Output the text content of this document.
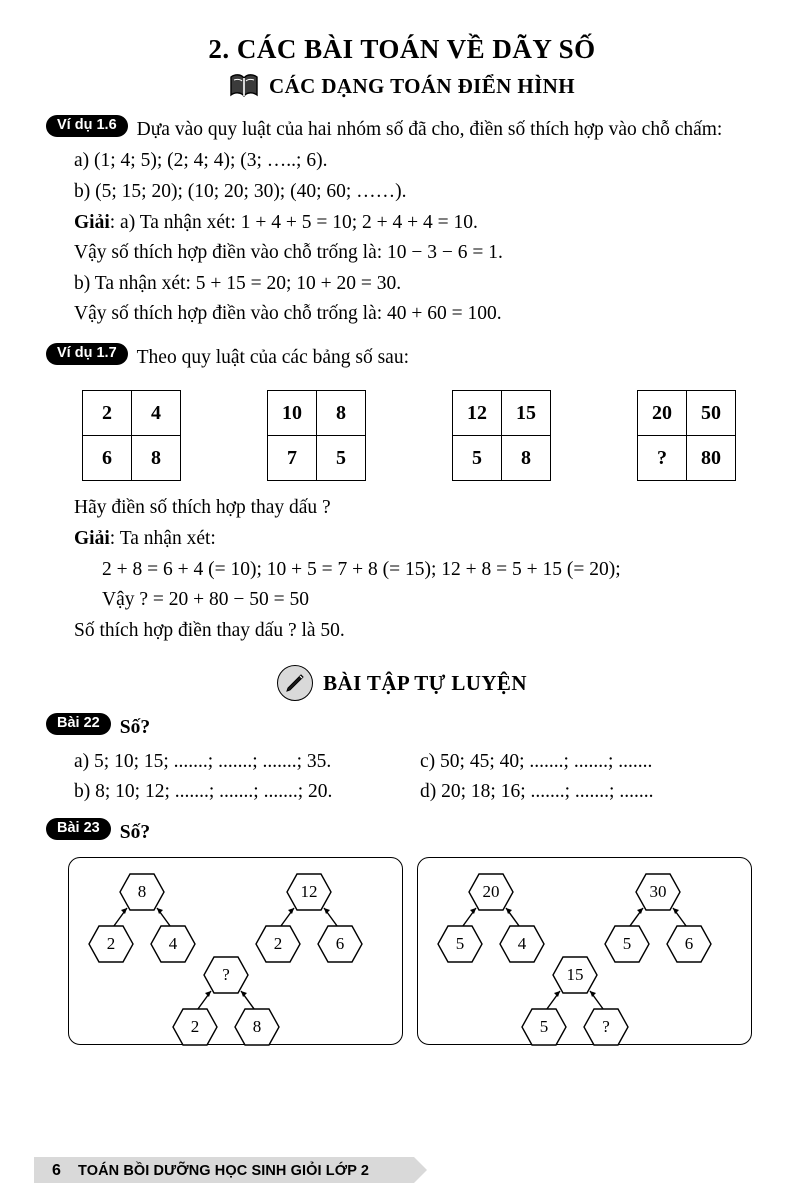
2. CÁC BÀI TOÁN VỀ DÃY SỐ
CÁC DẠNG TOÁN ĐIỂN HÌNH
Ví dụ 1.6	Dựa vào quy luật của hai nhóm số đã cho, điền số thích hợp vào chỗ chấm:
a) (1; 4; 5); (2; 4; 4); (3; …..; 6).
b) (5; 15; 20); (10; 20; 30); (40; 60; ……).
Giải: a) Ta nhận xét: 1 + 4 + 5 = 10; 2 + 4 + 4 = 10.
Vậy số thích hợp điền vào chỗ trống là: 10 − 3 − 6 = 1.
b) Ta nhận xét: 5 + 15 = 20; 10 + 20 = 30.
Vậy số thích hợp điền vào chỗ trống là: 40 + 60 = 100.
Ví dụ 1.7	Theo quy luật của các bảng số sau:
2	4
6	8
10	8
7	5
12	15
5	8
20	50
?	80
Hãy điền số thích hợp thay dấu ?
Giải: Ta nhận xét:
2 + 8 = 6 + 4 (= 10); 10 + 5 = 7 + 8 (= 15); 12 + 8 = 5 + 15 (= 20);
Vậy ? = 20 + 80 − 50 = 50
Số thích hợp điền thay dấu ? là 50.
BÀI TẬP TỰ LUYỆN
Bài 22	Số?
a) 5; 10; 15; .......; .......; .......; 35.
b) 8; 10; 12; .......; .......; .......; 20.
c) 50; 45; 40; .......; .......; .......
d) 20; 18; 16; .......; .......; .......
Bài 23	Số?
8
2	4
12
2	6
?
2	8
20
5	4
30
5	6
15
5	?
6 TOÁN BỒI DƯỠNG HỌC SINH GIỎI LỚP 2
